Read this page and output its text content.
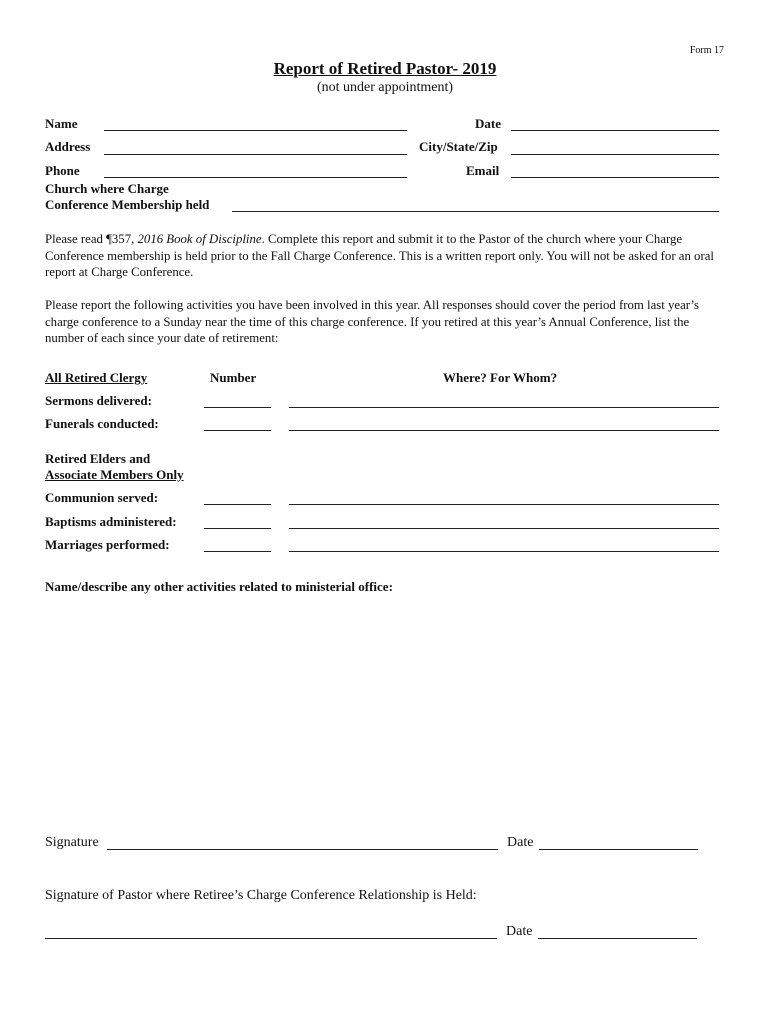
Form 17
Report of Retired Pastor- 2019
(not under appointment)
Name	Date
Address	City/State/Zip
Phone	Email
Church where Charge
Conference Membership held
Please read ¶357, 2016 Book of Discipline. Complete this report and submit it to the Pastor of the church where your Charge Conference membership is held prior to the Fall Charge Conference. This is a written report only. You will not be asked for an oral report at Charge Conference.
Please report the following activities you have been involved in this year. All responses should cover the period from last year’s charge conference to a Sunday near the time of this charge conference. If you retired at this year’s Annual Conference, list the number of each since your date of retirement:
All Retired Clergy	Number	Where? For Whom?
Sermons delivered:
Funerals conducted:
Retired Elders and
Associate Members Only
Communion served:
Baptisms administered:
Marriages performed:
Name/describe any other activities related to ministerial office:
Signature	Date
Signature of Pastor where Retiree’s Charge Conference Relationship is Held:
Date
